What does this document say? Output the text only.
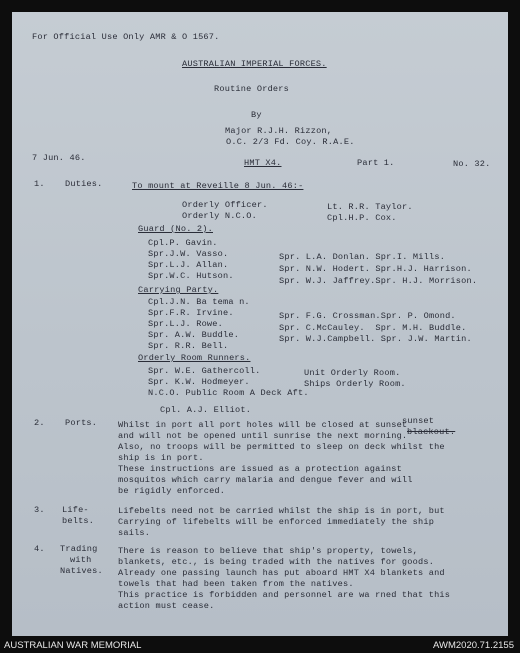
For Official Use Only AMR & O 1567.
AUSTRALIAN IMPERIAL FORCES.
Routine Orders
By
Major R.J.H. Rizzon,
O.C. 2/3 Fd. Coy. R.A.E.
7 Jun. 46.	HMT X4.	Part 1.	No. 32.
1. Duties.	To mount at Reveille 8 Jun. 46:-
Orderly Officer.	Lt. R.R. Taylor.
Orderly N.C.O.	Cpl.H.P. Cox.
Guard (No. 2).
Cpl.P. Gavin.
Spr.J.W. Vasso.	Spr. L.A. Donlan. Spr.I. Mills.
Spr.L.J. Allan.	Spr. N.W. Hodert. Spr.H.J. Harrison.
Spr.W.C. Hutson.	Spr. W.J. Jaffrey.Spr. H.J. Morrison.
Carrying Party.
Cpl.J.N. Ba tema n.
Spr.F.R. Irvine.	Spr. F.G. Crossman.Spr. P. Omond.
Spr.L.J. Rowe.	Spr. C.McCauley.  Spr. M.H. Buddle.
Spr. A.W. Buddle.	Spr. W.J.Campbell. Spr. J.W. Martin.
Spr. R.R. Bell.
Orderly Room Runners.
Spr. W.E. Gathercoll.	Unit Orderly Room.
Spr. K.W. Hodmeyer.	Ships Orderly Room.
N.C.O. Public Room A Deck Aft.
Cpl. A.J. Elliot.
2. Ports.	sunset
Whilst in port all port holes will be closed at sunset
blackout.
and will not be opened until sunrise the next morning.
Also, no troops will be permitted to sleep on deck whilst the
ship is in port.
These instructions are issued as a protection against
mosquitos which carry malaria and dengue fever and will
be rigidly enforced.
3. Life-
belts.
Lifebelts need not be carried whilst the ship is in port, but
Carrying of lifebelts will be enforced immediately the ship
sails.
4. Trading
with
Natives.
There is reason to believe that ship's property, towels,
blankets, etc., is being traded with the natives for goods.
Already one passing launch has put aboard HMT X4 blankets and
towels that had been taken from the natives.
This practice is forbidden and personnel are wa rned that this
action must cease.
AUSTRALIAN WAR MEMORIAL	AWM2020.71.2155
